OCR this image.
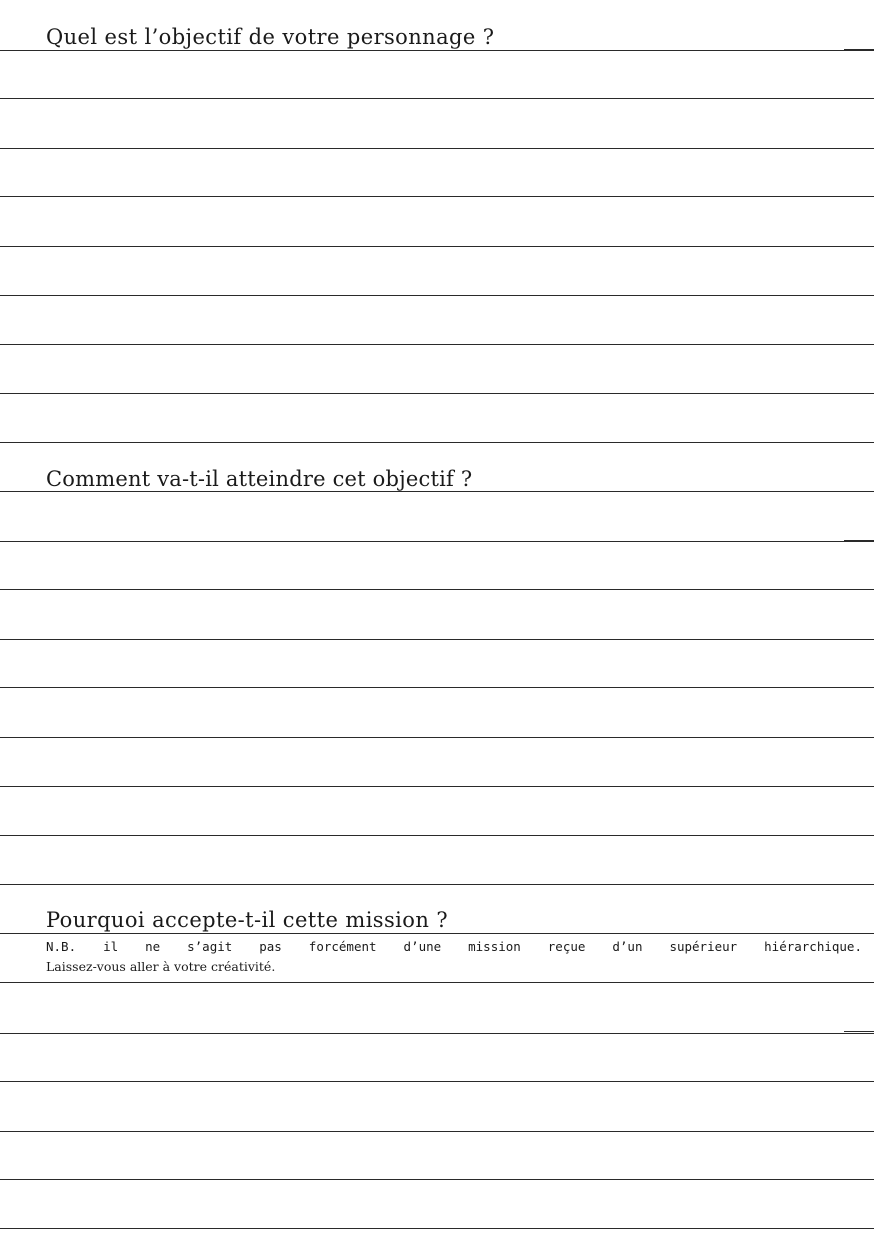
Quel est l’objectif de votre personnage ?
Comment va-t-il atteindre cet objectif ?
Pourquoi accepte-t-il cette mission ?

N.B. il ne s’agit pas forcément d’une mission reçue d’un supérieur hiérarchique.
Laissez-vous aller à votre créativité.
